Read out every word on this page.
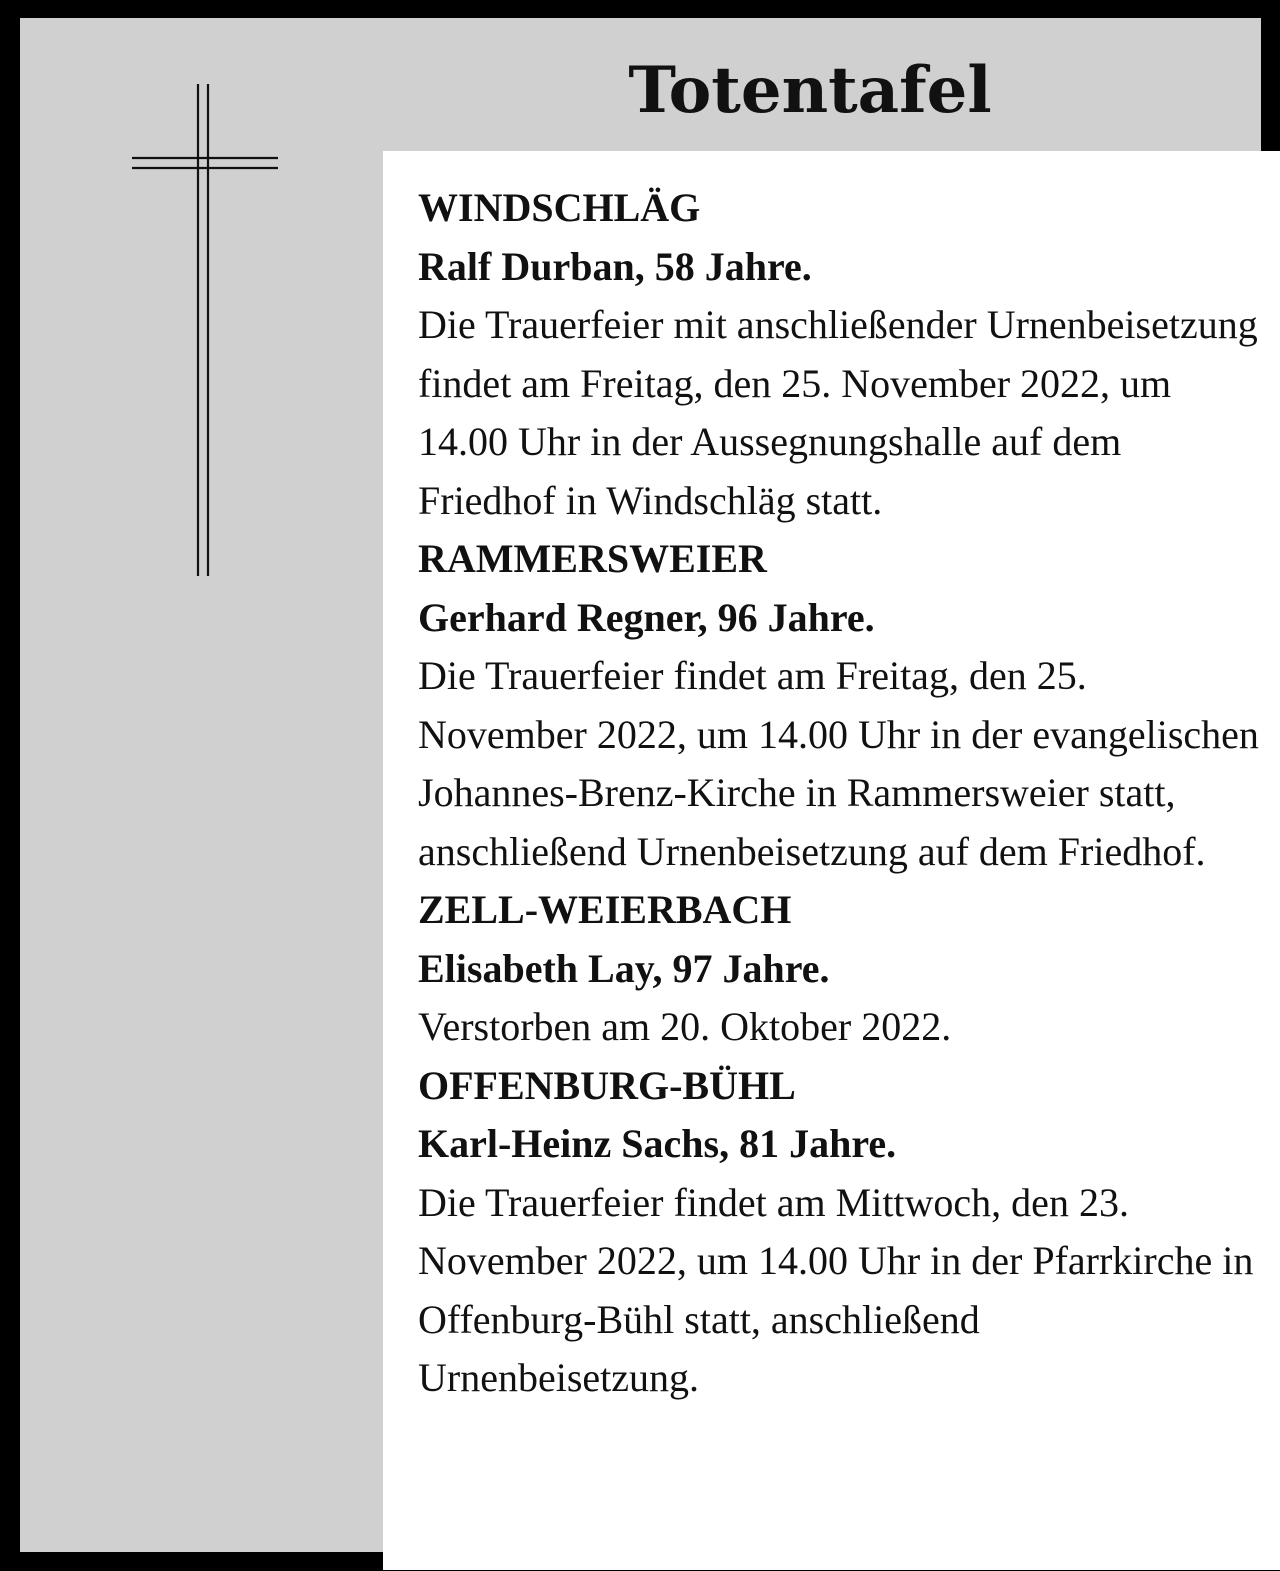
Totentafel
WINDSCHLÄG
Ralf Durban, 58 Jahre.
Die Trauerfeier mit anschließender Urnenbeisetzung findet am Freitag, den 25. November 2022, um 14.00 Uhr in der Aussegnungshalle auf dem Friedhof in Windschläg statt.
RAMMERSWEIER
Gerhard Regner, 96 Jahre.
Die Trauerfeier findet am Freitag, den 25. November 2022, um 14.00 Uhr in der evangelischen Johannes-Brenz-Kirche in Rammersweier statt, anschließend Urnenbeisetzung auf dem Friedhof.
ZELL-WEIERBACH
Elisabeth Lay, 97 Jahre.
Verstorben am 20. Oktober 2022.
OFFENBURG-BÜHL
Karl-Heinz Sachs, 81 Jahre.
Die Trauerfeier findet am Mittwoch, den 23. November 2022, um 14.00 Uhr in der Pfarrkirche in Offenburg-Bühl statt, anschließend Urnenbeisetzung.
